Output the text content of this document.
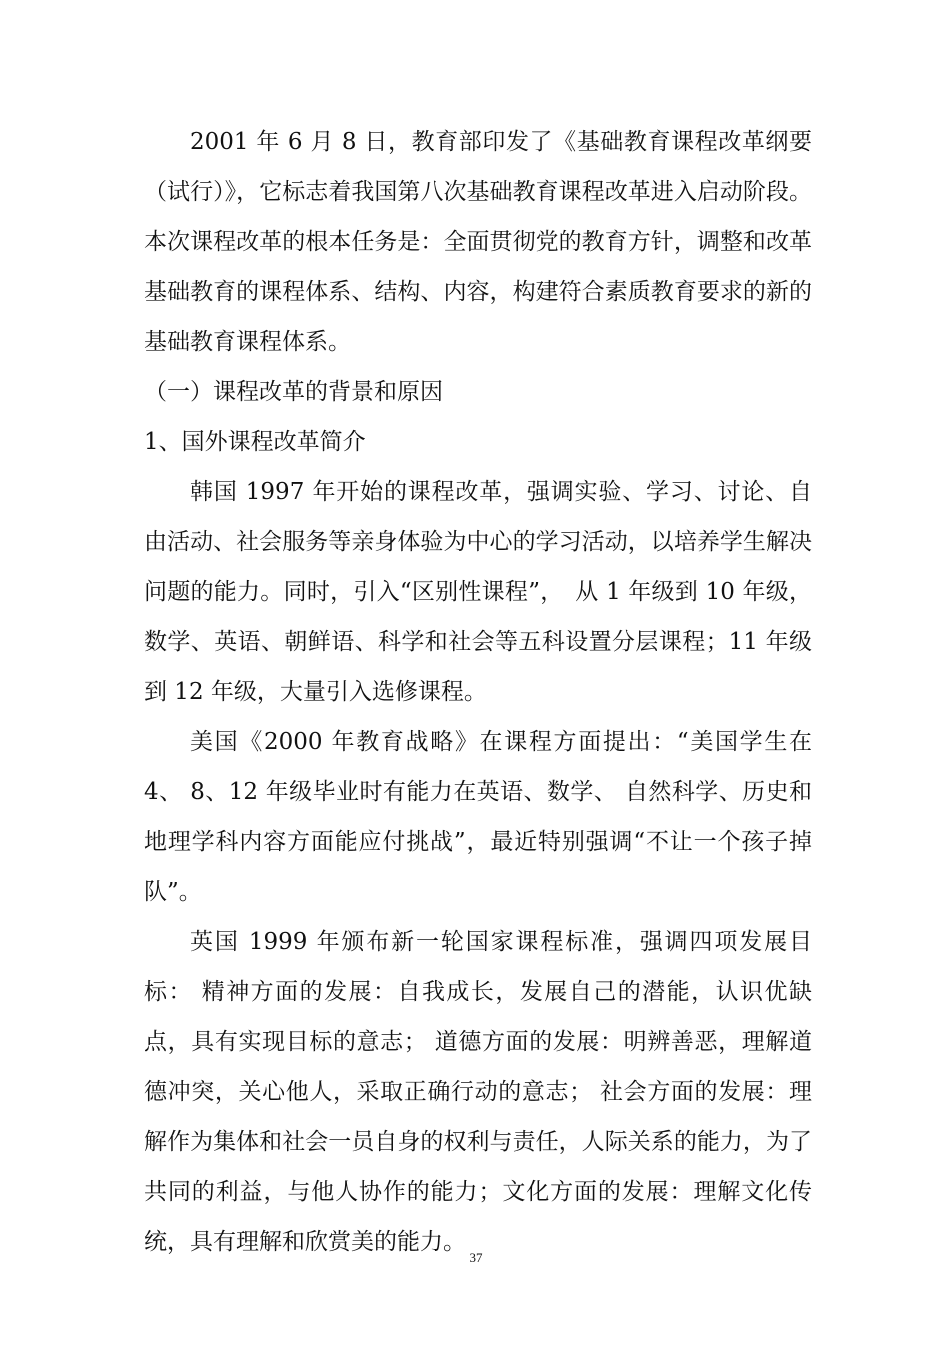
2001 年 6 月 8 日，教育部印发了《基础教育课程改革纲要（试行）》，它标志着我国第八次基础教育课程改革进入启动阶段。本次课程改革的根本任务是：全面贯彻党的教育方针，调整和改革基础教育的课程体系、结构、内容，构建符合素质教育要求的新的基础教育课程体系。

（一）课程改革的背景和原因

1、国外课程改革简介

韩国 1997 年开始的课程改革，强调实验、学习、讨论、自由活动、社会服务等亲身体验为中心的学习活动，以培养学生解决问题的能力。同时，引入“区别性课程”，　从 1 年级到 10 年级，数学、英语、朝鲜语、科学和社会等五科设置分层课程；11 年级到 12 年级，大量引入选修课程。

美国《2000 年教育战略》在课程方面提出：“美国学生在 4、 8、12 年级毕业时有能力在英语、数学、 自然科学、历史和地理学科内容方面能应付挑战”，最近特别强调“不让一个孩子掉队”。

英国 1999 年颁布新一轮国家课程标准，强调四项发展目标： 精神方面的发展：自我成长，发展自己的潜能，认识优缺点，具有实现目标的意志； 道德方面的发展：明辨善恶，理解道德冲突，关心他人，采取正确行动的意志； 社会方面的发展：理解作为集体和社会一员自身的权利与责任，人际关系的能力，为了共同的利益，与他人协作的能力；文化方面的发展：理解文化传统，具有理解和欣赏美的能力。

37
